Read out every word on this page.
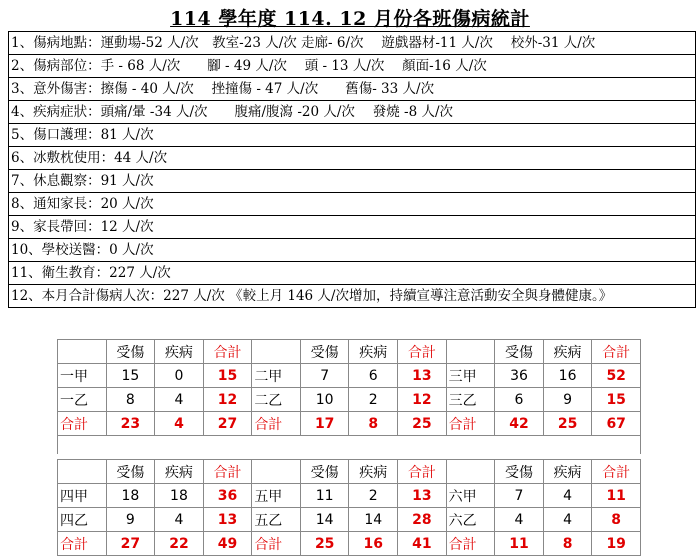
114 學年度 114. 12 月份各班傷病統計
1、傷病地點：運動場-52 人/次　教室-23 人/次 走廊- 6/次　 遊戲器材-11 人/次　 校外-31 人/次
2、傷病部位：手 - 68 人/次　　腳 - 49 人/次　 頭 - 13 人/次　 顏面-16 人/次
3、意外傷害：擦傷 - 40 人/次　 挫撞傷 - 47 人/次　　舊傷- 33 人/次
4、疾病症狀：頭痛/暈 -34 人/次　　腹痛/腹瀉 -20 人/次　 發燒 -8 人/次
5、傷口護理：81 人/次
6、冰敷枕使用：44 人/次
7、休息觀察：91 人/次
8、通知家長：20 人/次
9、家長帶回：12 人/次
10、學校送醫：0 人/次
11、衛生教育：227 人/次
12、本月合計傷病人次：227 人/次 《較上月 146 人/次增加，持續宣導注意活動安全與身體健康。》
	受傷	疾病	合計		受傷	疾病	合計		受傷	疾病	合計
一甲	15	0	15	二甲	7	6	13	三甲	36	16	52
一乙	8	4	12	二乙	10	2	12	三乙	6	9	15
合計	23	4	27	合計	17	8	25	合計	42	25	67

	受傷	疾病	合計		受傷	疾病	合計		受傷	疾病	合計
四甲	18	18	36	五甲	11	2	13	六甲	7	4	11
四乙	9	4	13	五乙	14	14	28	六乙	4	4	8
合計	27	22	49	合計	25	16	41	合計	11	8	19
